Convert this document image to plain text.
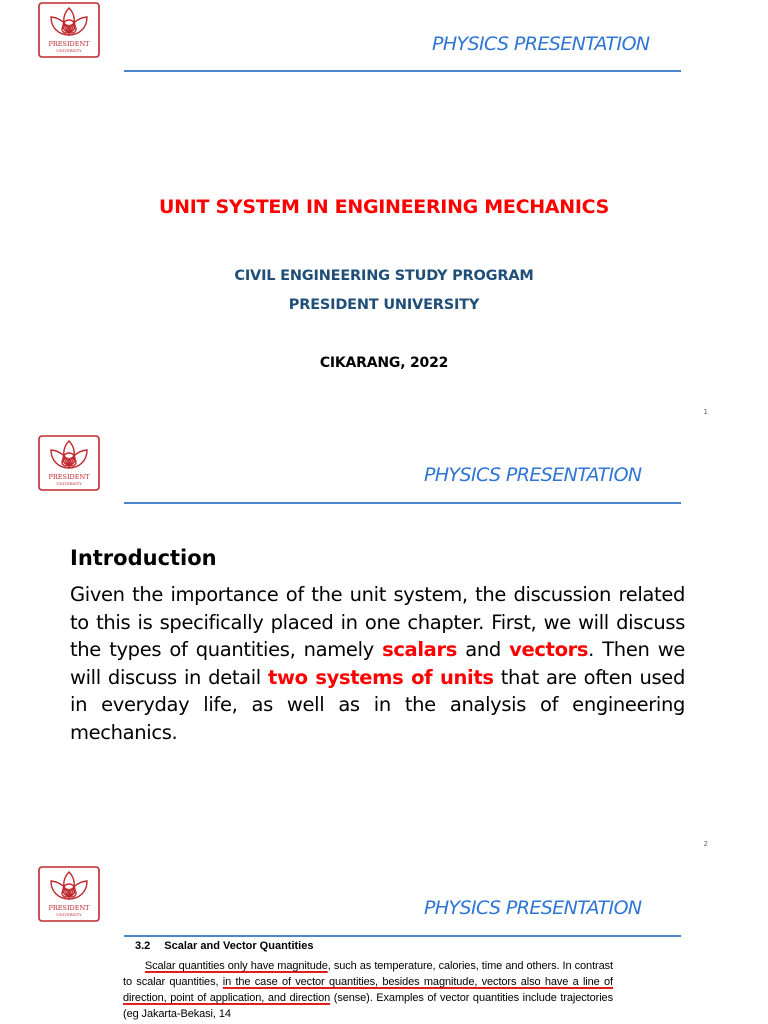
PRESIDENT
UNIVERSITY	PHYSICS PRESENTATION
UNIT SYSTEM IN ENGINEERING MECHANICS
CIVIL ENGINEERING STUDY PROGRAM
PRESIDENT UNIVERSITY
CIKARANG, 2022
1
PRESIDENT
UNIVERSITY	PHYSICS PRESENTATION
Introduction
Given the importance of the unit system, the discussion related to this is specifically placed in one chapter. First, we will discuss the types of quantities, namely scalars and vectors. Then we will discuss in detail two systems of units that are often used in everyday life, as well as in the analysis of engineering mechanics.
2
PRESIDENT
UNIVERSITY	PHYSICS PRESENTATION
3.2 Scalar and Vector Quantities
Scalar quantities only have magnitude, such as temperature, calories, time and others. In contrast to scalar quantities, in the case of vector quantities, besides magnitude, vectors also have a line of direction, point of application, and direction (sense). Examples of vector quantities include trajectories (eg Jakarta-Bekasi, 14
